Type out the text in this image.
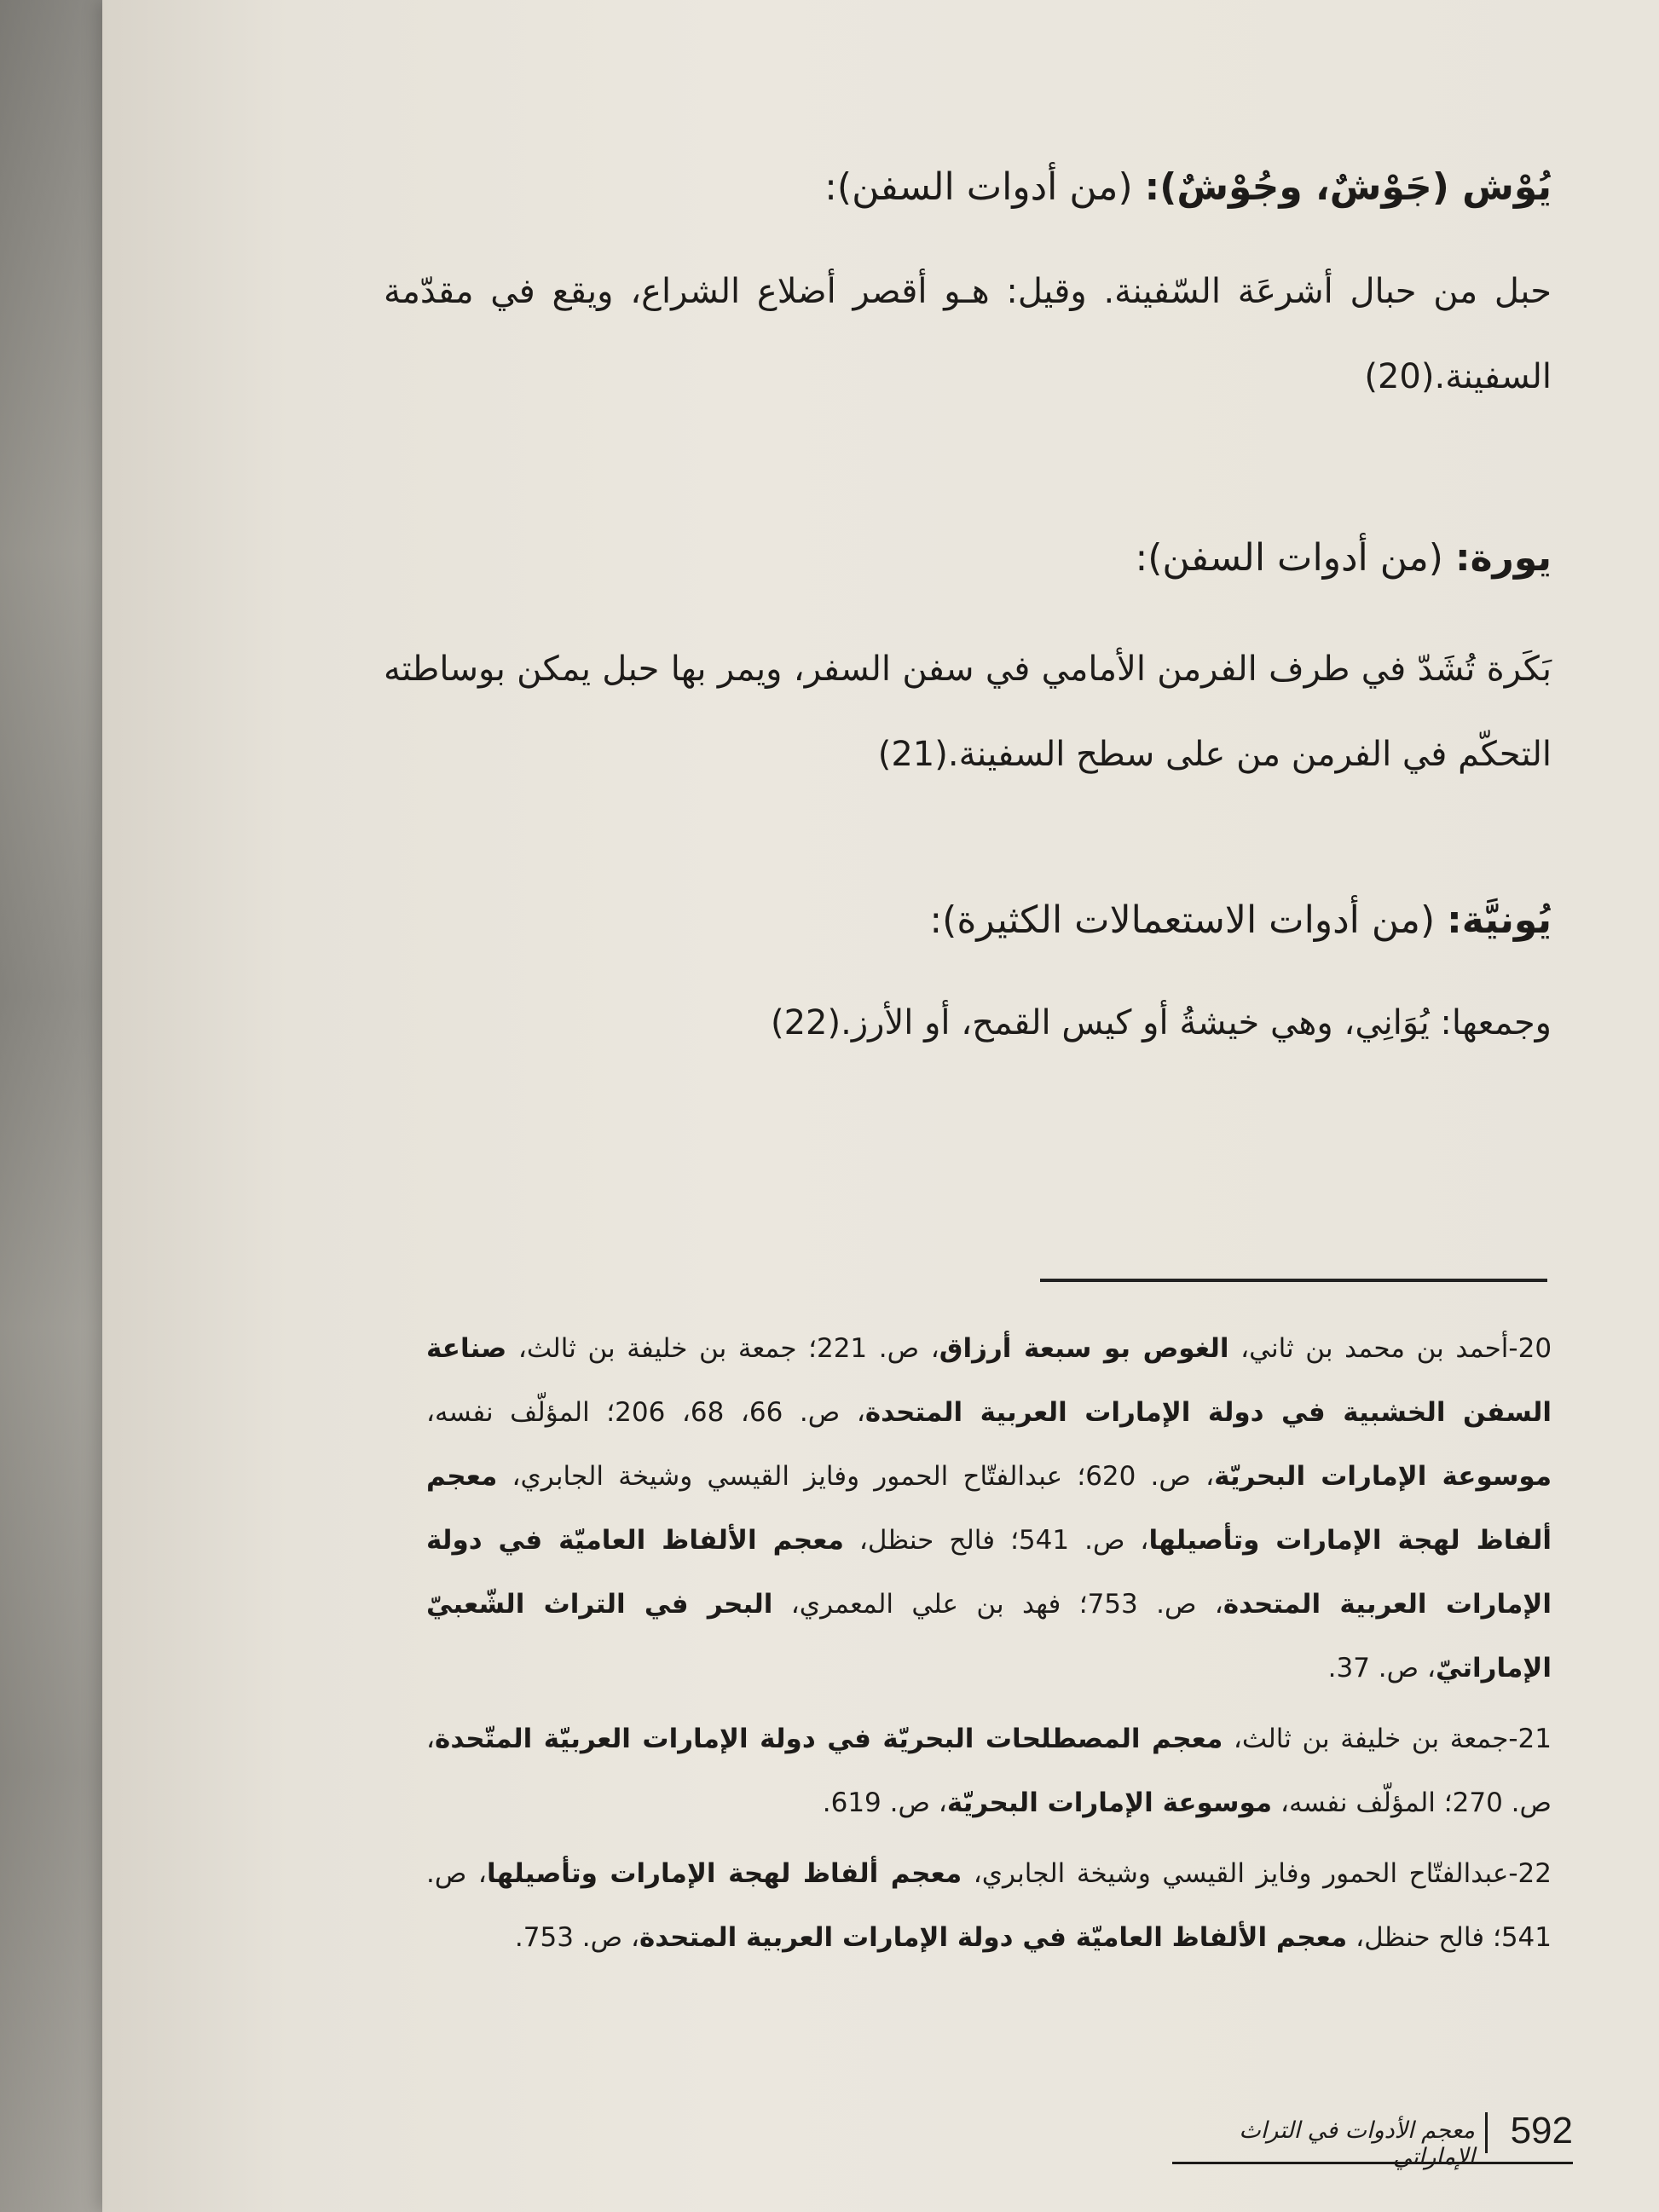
يُوْش (جَوْشٌ، وجُوْشٌ): (من أدوات السفن):
حبل من حبال أشرعَة السّفينة. وقيل: هـو أقصر أضلاع الشراع، ويقع في مقدّمة السفينة.(20)
يورة: (من أدوات السفن):
بَكَرة تُشَدّ في طرف الفرمن الأمامي في سفن السفر، ويمر بها حبل يمكن بوساطته التحكّم في الفرمن من على سطح السفينة.(21)
يُونيَّة: (من أدوات الاستعمالات الكثيرة):
وجمعها: يُوَانِي، وهي خيشةُ أو كيس القمح، أو الأرز.(22)

20-أحمد بن محمد بن ثاني، الغوص بو سبعة أرزاق، ص. 221؛ جمعة بن خليفة بن ثالث، صناعة السفن الخشبية في دولة الإمارات العربية المتحدة، ص. 66، 68، 206؛ المؤلّف نفسه، موسوعة الإمارات البحريّة، ص. 620؛ عبدالفتّاح الحمور وفايز القيسي وشيخة الجابري، معجم ألفاظ لهجة الإمارات وتأصيلها، ص. 541؛ فالح حنظل، معجم الألفاظ العاميّة في دولة الإمارات العربية المتحدة، ص. 753؛ فهد بن علي المعمري، البحر في التراث الشّعبيّ الإماراتيّ، ص. 37.

21-جمعة بن خليفة بن ثالث، معجم المصطلحات البحريّة في دولة الإمارات العربيّة المتّحدة، ص. 270؛ المؤلّف نفسه، موسوعة الإمارات البحريّة، ص. 619.

22-عبدالفتّاح الحمور وفايز القيسي وشيخة الجابري، معجم ألفاظ لهجة الإمارات وتأصيلها، ص. 541؛ فالح حنظل، معجم الألفاظ العاميّة في دولة الإمارات العربية المتحدة، ص. 753.

592
معجم الأدوات في التراث الإماراتي
